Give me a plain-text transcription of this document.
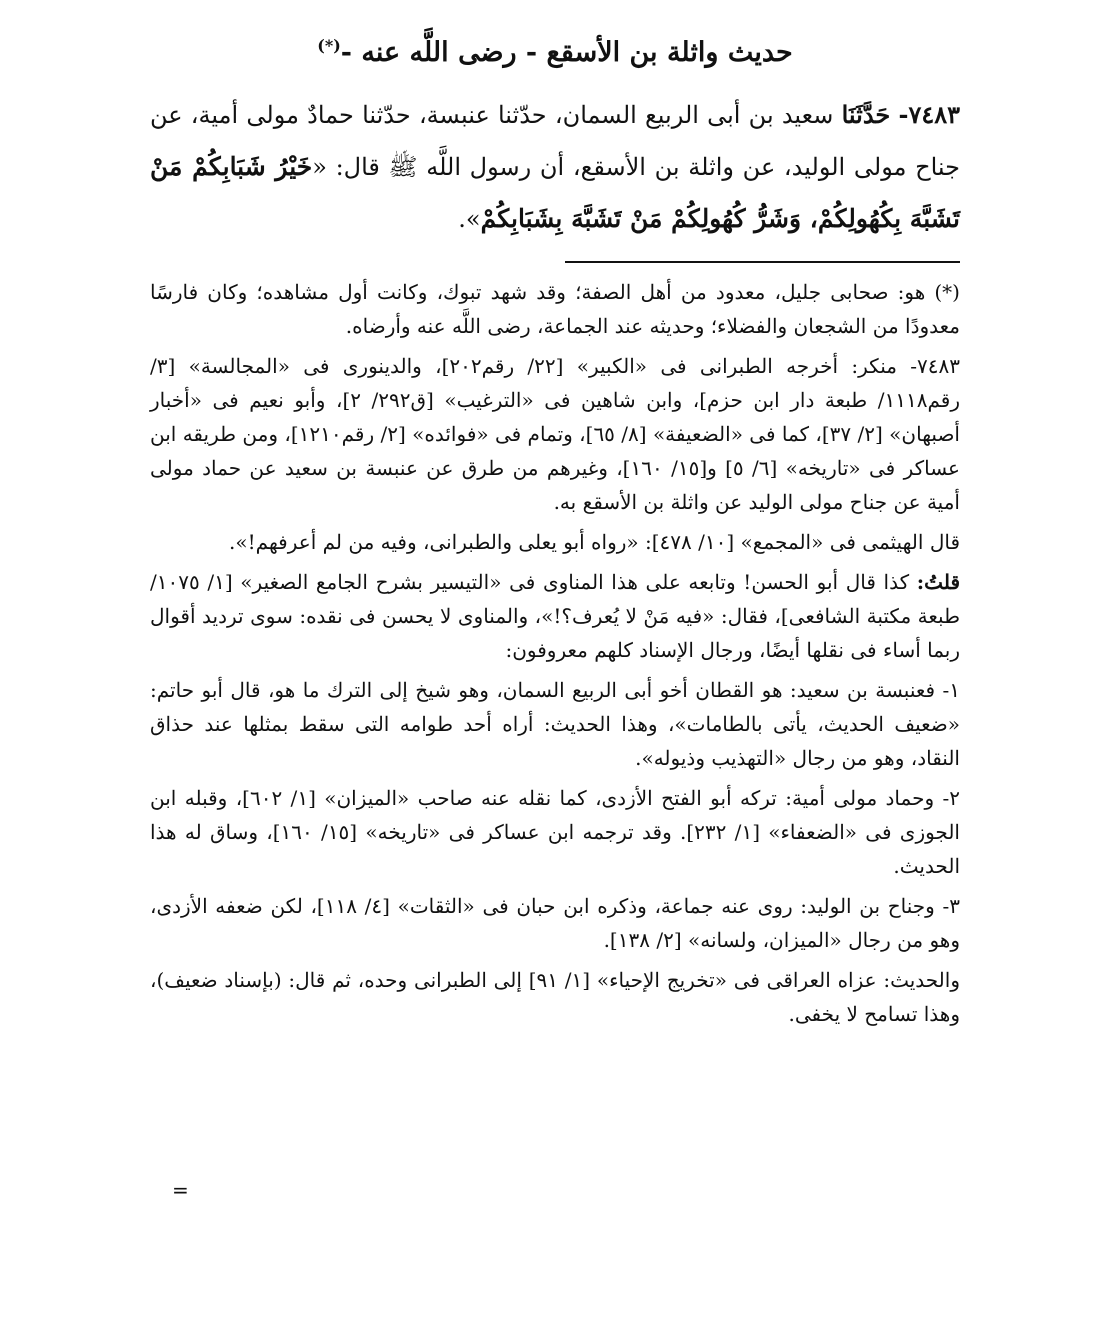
حديث واثلة بن الأسقع - رضى اللَّه عنه -(*)

٧٤٨٣- حَدَّثَنَا سعيد بن أبى الربيع السمان، حدّثنا عنبسة، حدّثنا حمادٌ مولى أمية، عن جناح مولى الوليد، عن واثلة بن الأسقع، أن رسول اللَّه ﷺ قال: «خَيْرُ شَبَابِكُمْ مَنْ تَشَبَّهَ بِكُهُولِكُمْ، وَشَرُّ كُهُولِكُمْ مَنْ تَشَبَّهَ بِشَبَابِكُمْ».

(*) هو: صحابى جليل، معدود من أهل الصفة؛ وقد شهد تبوك، وكانت أول مشاهده؛ وكان فارسًا معدودًا من الشجعان والفضلاء؛ وحديثه عند الجماعة، رضى اللَّه عنه وأرضاه.

٧٤٨٣- منكر: أخرجه الطبرانى فى «الكبير» [٢٢/ رقم٢٠٢]، والدينورى فى «المجالسة» [٣/ رقم١١١٨/ طبعة دار ابن حزم]، وابن شاهين فى «الترغيب» [ق٢٩٢/ ٢]، وأبو نعيم فى «أخبار أصبهان» [٢/ ٣٧]، كما فى «الضعيفة» [٨/ ٦٥]، وتمام فى «فوائده» [٢/ رقم١٢١٠]، ومن طريقه ابن عساكر فى «تاريخه» [٦/ ٥] و[١٥/ ١٦٠]، وغيرهم من طرق عن عنبسة بن سعيد عن حماد مولى أمية عن جناح مولى الوليد عن واثلة بن الأسقع به.

قال الهيثمى فى «المجمع» [١٠/ ٤٧٨]: «رواه أبو يعلى والطبرانى، وفيه من لم أعرفهم!».

قلتُ: كذا قال أبو الحسن! وتابعه على هذا المناوى فى «التيسير بشرح الجامع الصغير» [١/ ١٠٧٥/ طبعة مكتبة الشافعى]، فقال: «فيه مَنْ لا يُعرف؟!»، والمناوى لا يحسن فى نقده: سوى ترديد أقوال ربما أساء فى نقلها أيضًا، ورجال الإسناد كلهم معروفون:

١- فعنبسة بن سعيد: هو القطان أخو أبى الربيع السمان، وهو شيخ إلى الترك ما هو، قال أبو حاتم: «ضعيف الحديث، يأتى بالطامات»، وهذا الحديث: أراه أحد طوامه التى سقط بمثلها عند حذاق النقاد، وهو من رجال «التهذيب وذيوله».

٢- وحماد مولى أمية: تركه أبو الفتح الأزدى، كما نقله عنه صاحب «الميزان» [١/ ٦٠٢]، وقبله ابن الجوزى فى «الضعفاء» [١/ ٢٣٢]. وقد ترجمه ابن عساكر فى «تاريخه» [١٥/ ١٦٠]، وساق له هذا الحديث.

٣- وجناح بن الوليد: روى عنه جماعة، وذكره ابن حبان فى «الثقات» [٤/ ١١٨]، لكن ضعفه الأزدى، وهو من رجال «الميزان، ولسانه» [٢/ ١٣٨].

والحديث: عزاه العراقى فى «تخريج الإحياء» [١/ ٩١] إلى الطبرانى وحده، ثم قال: (بإسناد ضعيف)، وهذا تسامح لا يخفى.

=
